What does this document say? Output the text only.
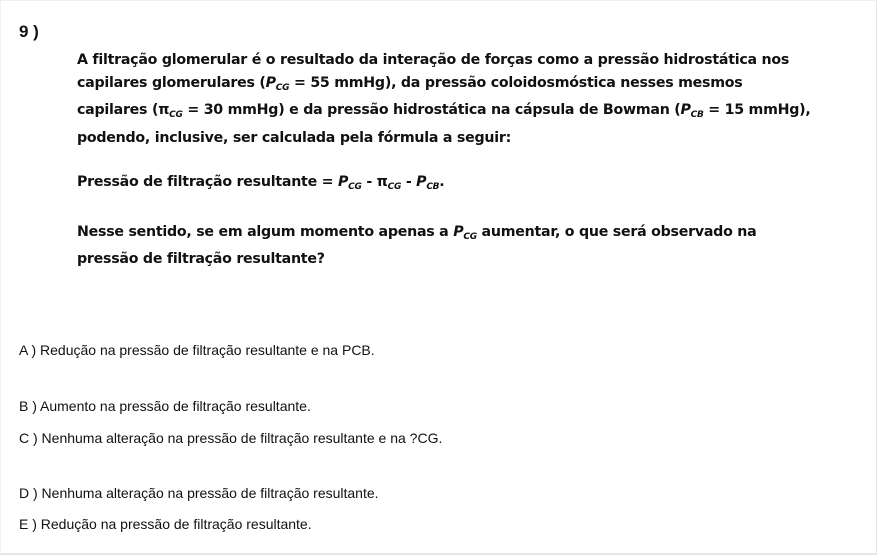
9 )

A filtração glomerular é o resultado da interação de forças como a pressão hidrostática nos

capilares glomerulares ($P_{CG} = 55$ mmHg), da pressão coloidosmóstica nesses mesmos

capilares ($\pi_{CG} = 30$ mmHg) e da pressão hidrostática na cápsula de Bowman ($P_{CB} = 15$ mmHg),

podendo, inclusive, ser calculada pela fórmula a seguir:

Pressão de filtração resultante = $P_{CG} - \pi_{CG} - P_{CB}$.

Nesse sentido, se em algum momento apenas a $P_{CG}$ aumentar, o que será observado na

pressão de filtração resultante?

A ) Redução na pressão de filtração resultante e na PCB.
B ) Aumento na pressão de filtração resultante.
C ) Nenhuma alteração na pressão de filtração resultante e na ?CG.
D ) Nenhuma alteração na pressão de filtração resultante.
E ) Redução na pressão de filtração resultante.
